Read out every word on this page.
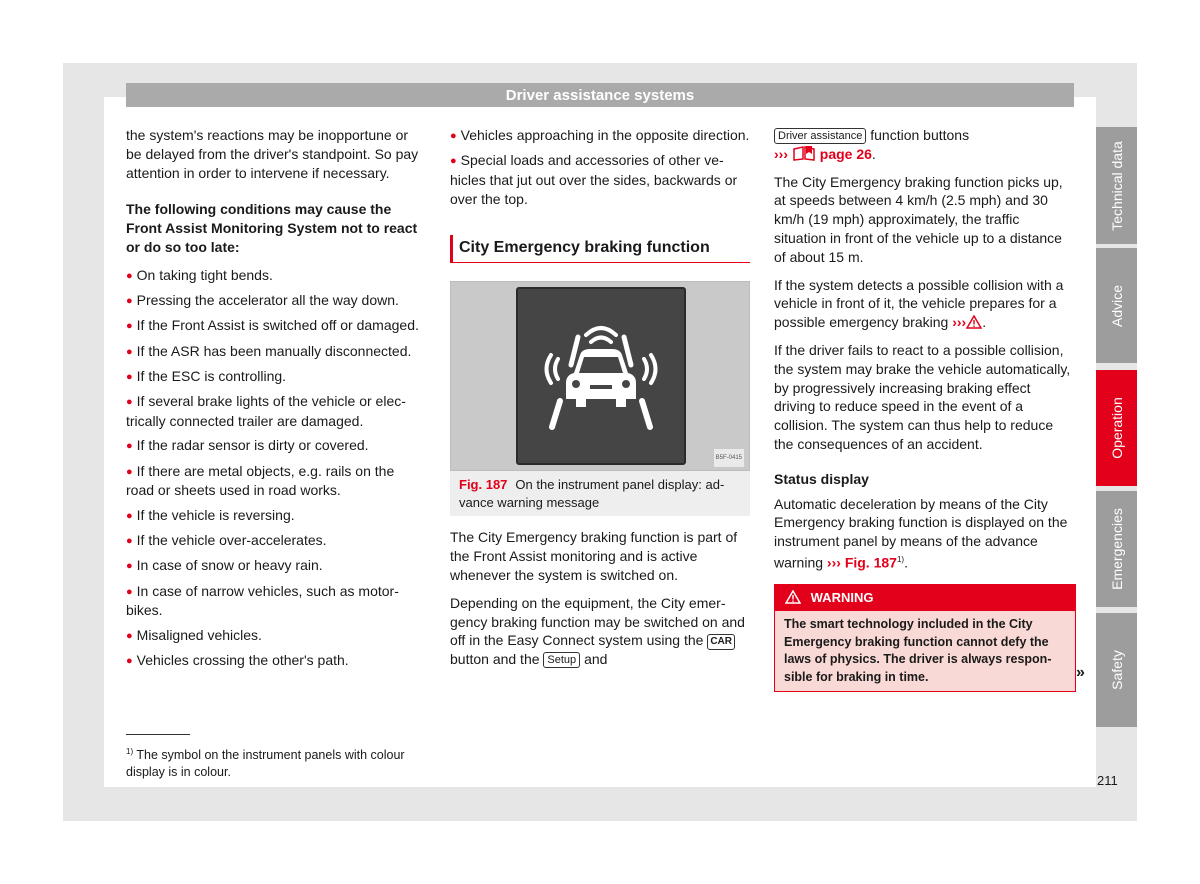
Driver assistance systems

the system's reactions may be inopportune or be delayed from the driver's standpoint. So pay attention in order to intervene if necessary.

The following conditions may cause the Front Assist Monitoring System not to react or do so too late:

● On taking tight bends.
● Pressing the accelerator all the way down.
● If the Front Assist is switched off or damaged.
● If the ASR has been manually disconnected.
● If the ESC is controlling.
● If several brake lights of the vehicle or electrically connected trailer are damaged.
● If the radar sensor is dirty or covered.
● If there are metal objects, e.g. rails on the road or sheets used in road works.
● If the vehicle is reversing.
● If the vehicle over-accelerates.
● In case of snow or heavy rain.
● In case of narrow vehicles, such as motorbikes.
● Misaligned vehicles.
● Vehicles crossing the other's path.
● Vehicles approaching in the opposite direction.
● Special loads and accessories of other vehicles that jut out over the sides, backwards or over the top.
City Emergency braking function
B5F-0415
Fig. 187 On the instrument panel display: advance warning message

The City Emergency braking function is part of the Front Assist monitoring and is active whenever the system is switched on.

Depending on the equipment, the City emergency braking function may be switched on and off in the Easy Connect system using the CAR button and the Setup and

Driver assistance function buttons
››› page 26.

The City Emergency braking function picks up, at speeds between 4 km/h (2.5 mph) and 30 km/h (19 mph) approximately, the traffic situation in front of the vehicle up to a distance of about 15 m.

If the system detects a possible collision with a vehicle in front of it, the vehicle prepares for a possible emergency braking ››› .

If the driver fails to react to a possible collision, the system may brake the vehicle automatically, by progressively increasing braking effect driving to reduce speed in the event of a collision. The system can thus help to reduce the consequences of an accident.

Status display

Automatic deceleration by means of the City Emergency braking function is displayed on the instrument panel by means of the advance warning ››› Fig. 187$^{1)}$.

WARNING
The smart technology included in the City Emergency braking function cannot defy the laws of physics. The driver is always responsible for braking in time.	»
$^{1)}$ The symbol on the instrument panels with colour display is in colour.
211
Technical data
Advice
Operation
Emergencies
Safety
